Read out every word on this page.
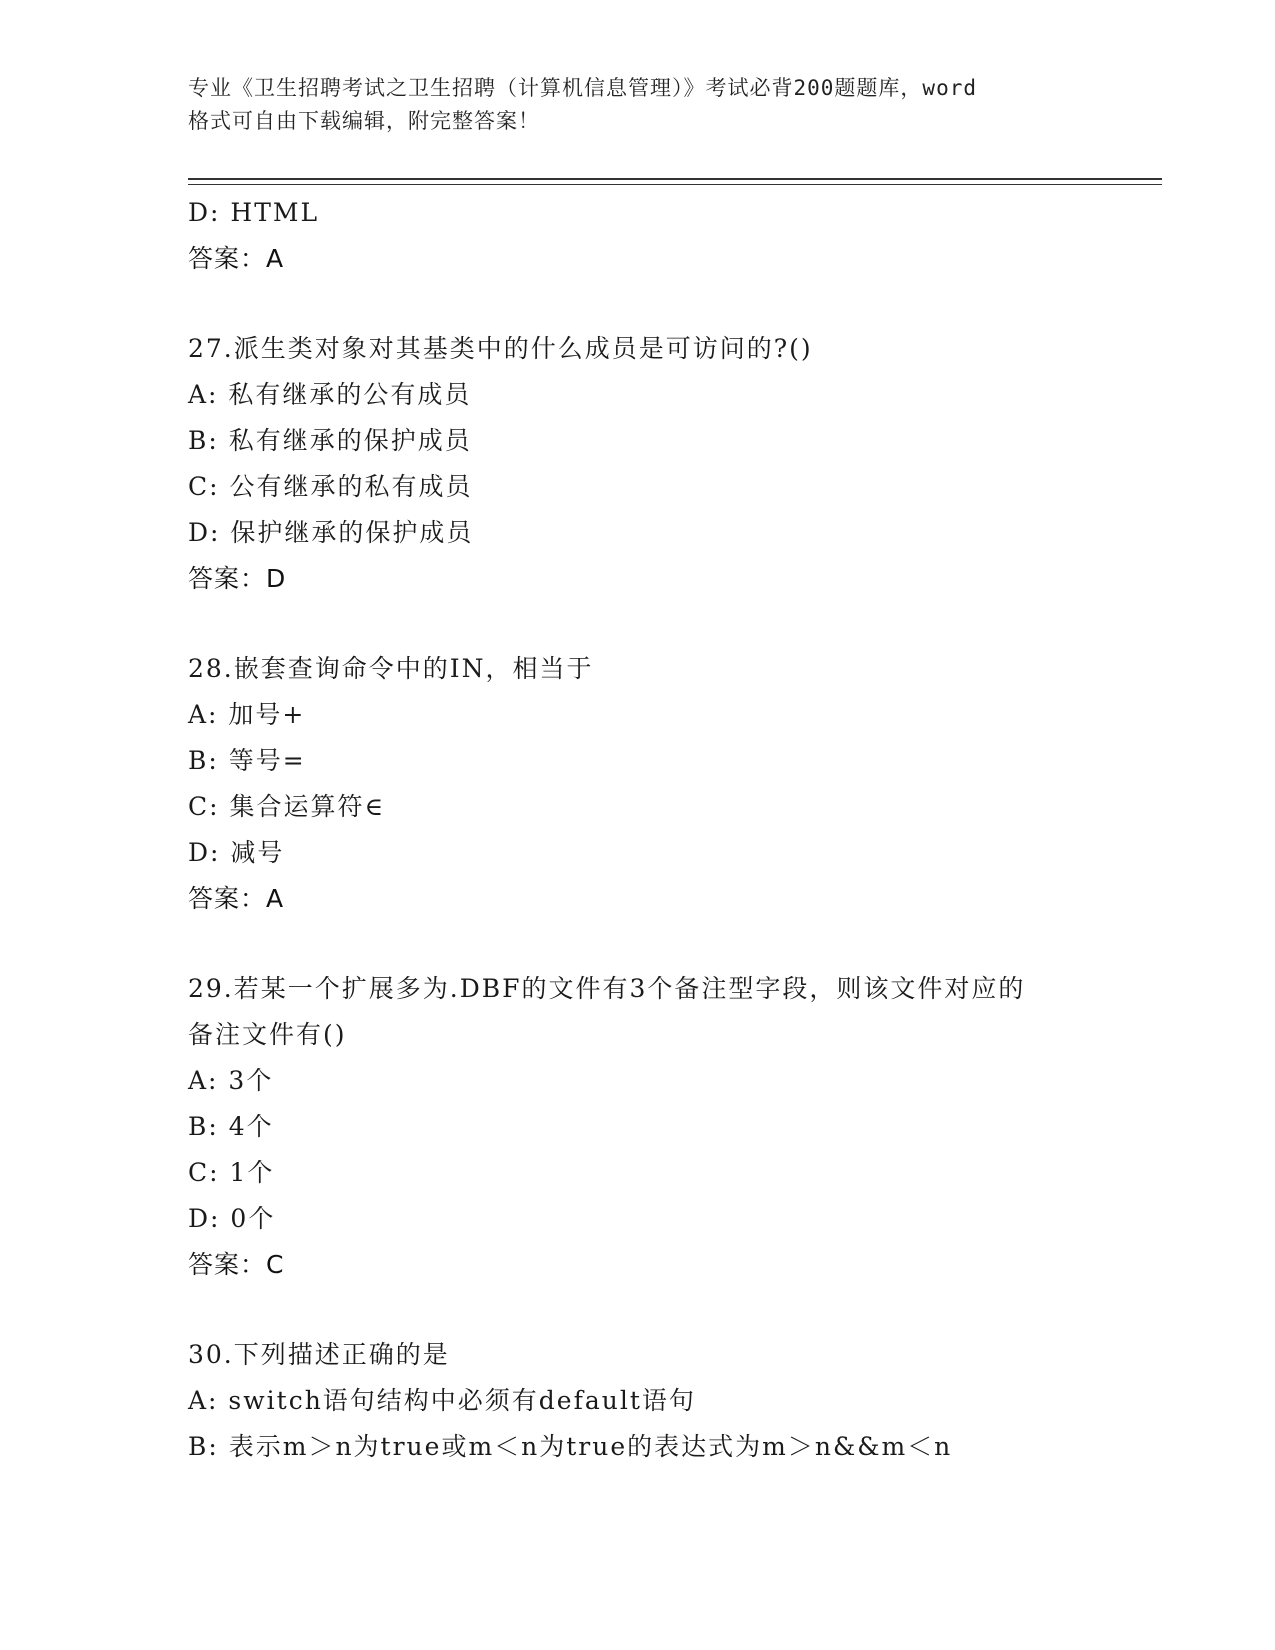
专业《卫生招聘考试之卫生招聘（计算机信息管理）》考试必背200题题库，word
格式可自由下载编辑，附完整答案！
D: HTML
答案：A
27.派生类对象对其基类中的什么成员是可访问的?()
A: 私有继承的公有成员
B: 私有继承的保护成员
C: 公有继承的私有成员
D: 保护继承的保护成员
答案：D
28.嵌套查询命令中的IN，相当于
A: 加号+
B: 等号=
C: 集合运算符∈
D: 减号
答案：A
29.若某一个扩展多为.DBF的文件有3个备注型字段，则该文件对应的
备注文件有()
A: 3个
B: 4个
C: 1个
D: 0个
答案：C
30.下列描述正确的是
A: switch语句结构中必须有default语句
B: 表示m＞n为true或m＜n为true的表达式为m＞n&&m＜n
